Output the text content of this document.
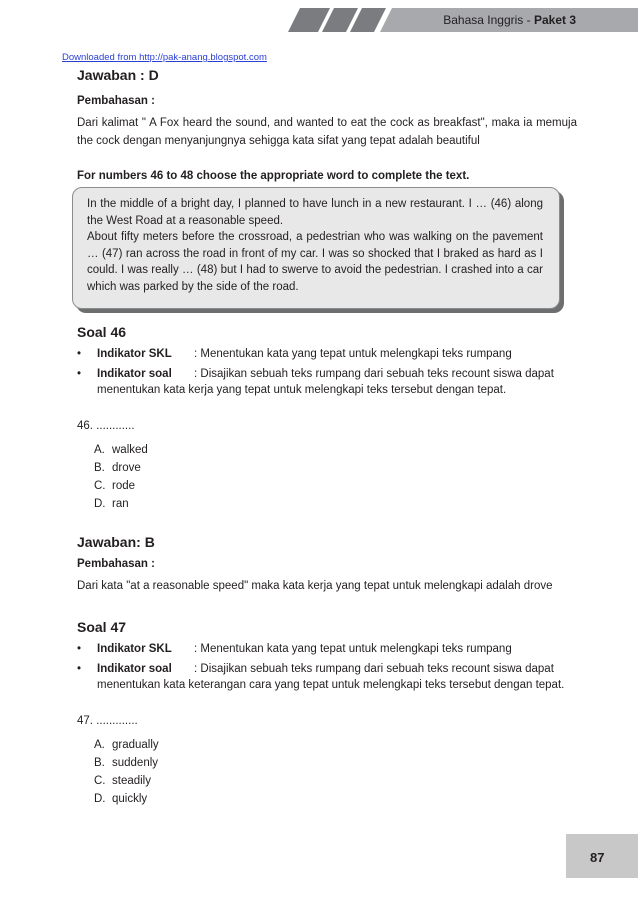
Bahasa Inggris - Paket 3
Downloaded from http://pak-anang.blogspot.com

Jawaban : D

Pembahasan :

Dari kalimat " A Fox heard the sound, and wanted to eat the cock as breakfast", maka ia memuja the cock dengan menyanjungnya sehigga kata sifat yang tepat adalah beautiful

For numbers 46 to 48 choose the appropriate word to complete the text.

In the middle of a bright day, I planned to have lunch in a new restaurant. I … (46) along the West Road at a reasonable speed.

About fifty meters before the crossroad, a pedestrian who was walking on the pavement … (47) ran across the road in front of my car. I was so shocked that I braked as hard as I could. I was really … (48) but I had to swerve to avoid the pedestrian. I crashed into a car which was parked by the side of the road.

Soal 46

•	Indikator SKL	: Menentukan kata yang tepat untuk melengkapi teks rumpang
•	Indikator soal	: Disajikan sebuah teks rumpang dari sebuah teks recount siswa dapat
menentukan kata kerja yang tepat untuk melengkapi teks tersebut dengan tepat.

46. ............

A. walked
B. drove
C. rode
D. ran

Jawaban: B

Pembahasan :

Dari kata "at a reasonable speed" maka kata kerja yang tepat untuk melengkapi adalah drove

Soal 47

•	Indikator SKL	: Menentukan kata yang tepat untuk melengkapi teks rumpang
•	Indikator soal	: Disajikan sebuah teks rumpang dari sebuah teks recount siswa dapat
menentukan kata keterangan cara yang tepat untuk melengkapi teks tersebut dengan tepat.

47. .............

A. gradually
B. suddenly
C. steadily
D. quickly
87
